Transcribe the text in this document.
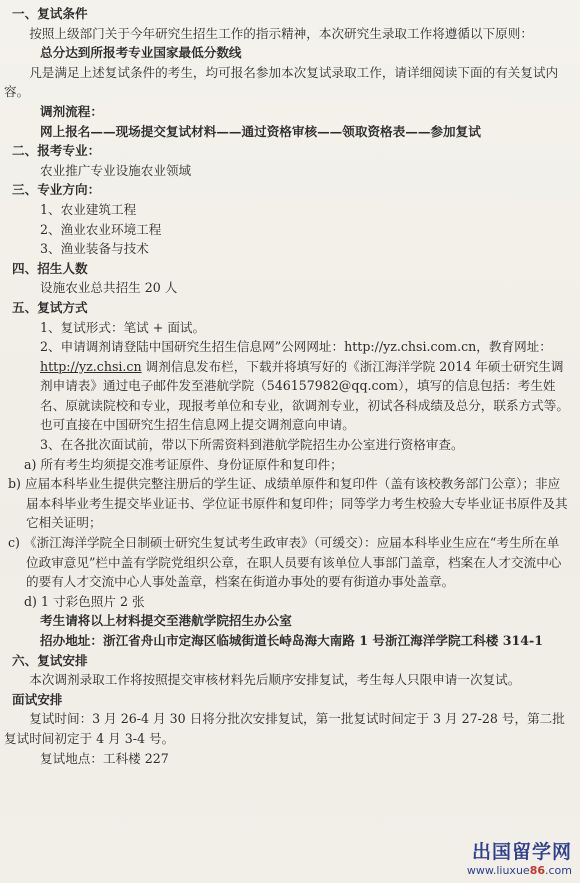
一、复试条件
按照上级部门关于今年研究生招生工作的指示精神，本次研究生录取工作将遵循以下原则：
总分达到所报考专业国家最低分数线
凡是满足上述复试条件的考生，均可报名参加本次复试录取工作，请详细阅读下面的有关复试内容。
调剂流程：
网上报名——现场提交复试材料——通过资格审核——领取资格表——参加复试
二、报考专业：
农业推广专业设施农业领域
三、专业方向：
1、农业建筑工程
2、渔业农业环境工程
3、渔业装备与技术
四、招生人数
设施农业总共招生 20 人
五、复试方式
1、复试形式：笔试 + 面试。
2、申请调剂请登陆中国研究生招生信息网”公网网址：http://yz.chsi.com.cn，教育网址：http://yz.chsi.cn 调剂信息发布栏，下载并将填写好的《浙江海洋学院 2014 年硕士研究生调剂申请表》通过电子邮件发至港航学院（546157982@qq.com），填写的信息包括：考生姓名、原就读院校和专业，现报考单位和专业，欲调剂专业，初试各科成绩及总分，联系方式等。也可直接在中国研究生招生信息网上提交调剂意向申请。
3、在各批次面试前，带以下所需资料到港航学院招生办公室进行资格审查。
a) 所有考生均须提交准考证原件、身份证原件和复印件；
b) 应届本科毕业生提供完整注册后的学生证、成绩单原件和复印件（盖有该校教务部门公章）；非应届本科毕业考生提交毕业证书、学位证书原件和复印件；同等学力考生校验大专毕业证书原件及其它相关证明；
c) 《浙江海洋学院全日制硕士研究生复试考生政审表》（可缓交）：应届本科毕业生应在“考生所在单位政审意见”栏中盖有学院党组织公章，在职人员要有该单位人事部门盖章，档案在人才交流中心的要有人才交流中心人事处盖章，档案在街道办事处的要有街道办事处盖章。
d) 1 寸彩色照片 2 张
考生请将以上材料提交至港航学院招生办公室
招办地址：浙江省舟山市定海区临城街道长峙岛海大南路 1 号浙江海洋学院工科楼 314-1
六、复试安排
本次调剂录取工作将按照提交审核材料先后顺序安排复试，考生每人只限申请一次复试。
面试安排
复试时间：3 月 26-4 月 30 日将分批次安排复试，第一批复试时间定于 3 月 27-28 号，第二批复试时间初定于 4 月 3-4 号。
复试地点：工科楼 227
出国留学网
www.liuxue86.com
